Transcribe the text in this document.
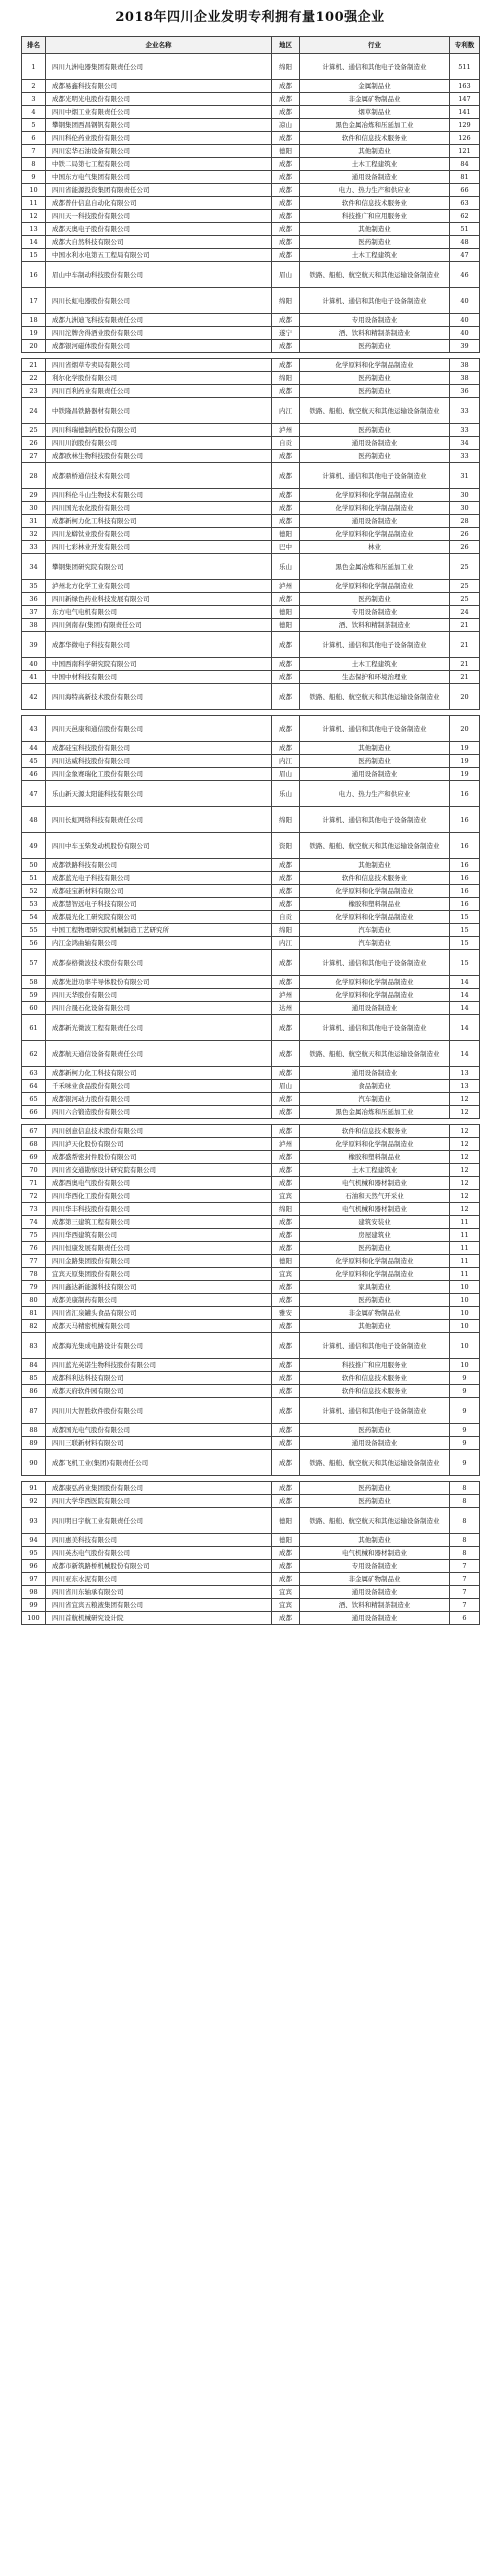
2018年四川企业发明专利拥有量100强企业
排名	企业名称	地区	行业	专利数
1	四川九洲电器集团有限责任公司	绵阳	计算机、通信和其他电子设备制造业	511
2	成都易鑫科技有限公司	成都	金属制品业	163
3	成都光明光电股份有限公司	成都	非金属矿物制品业	147
4	四川中烟工业有限责任公司	成都	烟草制品业	141
5	攀钢集团西昌钢钒有限公司	凉山	黑色金属冶炼和压延加工业	129
6	四川科伦药业股份有限公司	成都	软件和信息技术服务业	126
7	四川宏华石油设备有限公司	德阳	其他制造业	121
8	中铁二局第七工程有限公司	成都	土木工程建筑业	84
9	中国东方电气集团有限公司	成都	通用设备制造业	81
10	四川省能源投资集团有限责任公司	成都	电力、热力生产和供应业	66
11	成都普什信息自动化有限公司	成都	软件和信息技术服务业	63
12	四川天一科技股份有限公司	成都	科技推广和应用服务业	62
13	成都天奥电子股份有限公司	成都	其他制造业	51
14	成都大自然科技有限公司	成都	医药制造业	48
15	中国水利水电第五工程局有限公司	成都	土木工程建筑业	47
16	眉山中车制动科技股份有限公司	眉山	铁路、船舶、航空航天和其他运输设备制造业	46
17	四川长虹电器股份有限公司	绵阳	计算机、通信和其他电子设备制造业	40
18	成都九洲迪飞科技有限责任公司	成都	专用设备制造业	40
19	四川沱牌舍得酒业股份有限公司	遂宁	酒、饮料和精制茶制造业	40
20	成都银河磁体股份有限公司	成都	医药制造业	39

21	四川省烟草专卖局有限公司	成都	化学原料和化学制品制造业	38
22	利尔化学股份有限公司	绵阳	医药制造业	38
23	四川百利药业有限责任公司	成都	医药制造业	36
24	中铁隆昌铁路器材有限公司	内江	铁路、船舶、航空航天和其他运输设备制造业	33
25	四川科瑞德制药股份有限公司	泸州	医药制造业	33
26	四川川润股份有限公司	自贡	通用设备制造业	34
27	成都欧林生物科技股份有限公司	成都	医药制造业	33
28	成都鼎桥通信技术有限公司	成都	计算机、通信和其他电子设备制造业	31
29	四川科伦斗山生物技术有限公司	成都	化学原料和化学制品制造业	30
30	四川国光农化股份有限公司	成都	化学原料和化学制品制造业	30
31	成都新柯力化工科技有限公司	成都	通用设备制造业	28
32	四川龙蟒钛业股份有限公司	德阳	化学原料和化学制品制造业	26
33	四川七彩林业开发有限公司	巴中	林业	26
34	攀钢集团研究院有限公司	乐山	黑色金属冶炼和压延加工业	25
35	泸州北方化学工业有限公司	泸州	化学原料和化学制品制造业	25
36	四川新绿色药业科技发展有限公司	成都	医药制造业	25
37	东方电气电机有限公司	德阳	专用设备制造业	24
38	四川剑南春(集团)有限责任公司	德阳	酒、饮料和精制茶制造业	21
39	成都华微电子科技有限公司	成都	计算机、通信和其他电子设备制造业	21
40	中国西南科学研究院有限公司	成都	土木工程建筑业	21
41	中国中材科技有限公司	成都	生态保护和环境治理业	21
42	四川海特高新技术股份有限公司	成都	铁路、船舶、航空航天和其他运输设备制造业	20

43	四川天邑康和通信股份有限公司	成都	计算机、通信和其他电子设备制造业	20
44	成都硅宝科技股份有限公司	成都	其他制造业	19
45	四川达威科技股份有限公司	内江	医药制造业	19
46	四川金象赛瑞化工股份有限公司	眉山	通用设备制造业	19
47	乐山新天源太阳能科技有限公司	乐山	电力、热力生产和供应业	16
48	四川长虹网络科技有限责任公司	绵阳	计算机、通信和其他电子设备制造业	16
49	四川中车玉柴发动机股份有限公司	资阳	铁路、船舶、航空航天和其他运输设备制造业	16
50	成都铁路科技有限公司	成都	其他制造业	16
51	成都蓝光电子科技有限公司	成都	软件和信息技术服务业	16
52	成都硅宝新材料有限公司	成都	化学原料和化学制品制造业	16
53	成都慧智远电子科技有限公司	成都	橡胶和塑料制品业	16
54	成都晨光化工研究院有限公司	自贡	化学原料和化学制品制造业	15
55	中国工程物理研究院机械制造工艺研究所	绵阳	汽车制造业	15
56	内江金鸿曲轴有限公司	内江	汽车制造业	15
57	成都泰格微波技术股份有限公司	成都	计算机、通信和其他电子设备制造业	15
58	成都先进功率半导体股份有限公司	成都	化学原料和化学制品制造业	14
59	四川天华股份有限公司	泸州	化学原料和化学制品制造业	14
60	四川合晟石化设备有限公司	达州	通用设备制造业	14
61	成都新光微波工程有限责任公司	成都	计算机、通信和其他电子设备制造业	14
62	成都航天通信设备有限责任公司	成都	铁路、船舶、航空航天和其他运输设备制造业	14
63	成都新柯力化工科技有限公司	成都	通用设备制造业	13
64	千禾味业食品股份有限公司	眉山	食品制造业	13
65	成都银河动力股份有限公司	成都	汽车制造业	12
66	四川六合锻造股份有限公司	成都	黑色金属冶炼和压延加工业	12

67	四川创意信息技术股份有限公司	成都	软件和信息技术服务业	12
68	四川泸天化股份有限公司	泸州	化学原料和化学制品制造业	12
69	成都盛帮密封件股份有限公司	成都	橡胶和塑料制品业	12
70	四川省交通勘察设计研究院有限公司	成都	土木工程建筑业	12
71	成都西奥电气股份有限公司	成都	电气机械和器材制造业	12
72	四川华西化工股份有限公司	宜宾	石油和天然气开采业	12
73	四川华丰科技股份有限公司	绵阳	电气机械和器材制造业	12
74	成都第三建筑工程有限公司	成都	建筑安装业	11
75	四川华西建筑有限公司	成都	房屋建筑业	11
76	四川恒康发展有限责任公司	成都	医药制造业	11
77	四川金路集团股份有限公司	德阳	化学原料和化学制品制造业	11
78	宜宾天原集团股份有限公司	宜宾	化学原料和化学制品制造业	11
79	四川鑫达新能源科技有限公司	成都	家具制造业	10
80	成都美康制药有限公司	成都	医药制造业	10
81	四川省汇泉罐头食品有限公司	雅安	非金属矿物制品业	10
82	成都天马精密机械有限公司	成都	其他制造业	10
83	成都海光集成电路设计有限公司	成都	计算机、通信和其他电子设备制造业	10
84	四川蓝光英诺生物科技股份有限公司	成都	科技推广和应用服务业	10
85	成都科利达科技有限公司	成都	软件和信息技术服务业	9
86	成都天府软件园有限公司	成都	软件和信息技术服务业	9
87	四川川大智胜软件股份有限公司	成都	计算机、通信和其他电子设备制造业	9
88	成都国光电气股份有限公司	成都	医药制造业	9
89	四川三联新材料有限公司	成都	通用设备制造业	9
90	成都飞机工业(集团)有限责任公司	成都	铁路、船舶、航空航天和其他运输设备制造业	9

91	成都康弘药业集团股份有限公司	成都	医药制造业	8
92	四川大学华西医院有限公司	成都	医药制造业	8
93	四川明日宇航工业有限责任公司	德阳	铁路、船舶、航空航天和其他运输设备制造业	8
94	四川惠美科技有限公司	德阳	其他制造业	8
95	四川英杰电气股份有限公司	成都	电气机械和器材制造业	8
96	成都市新筑路桥机械股份有限公司	成都	专用设备制造业	7
97	四川亚东水泥有限公司	成都	非金属矿物制品业	7
98	四川省川东轴承有限公司	宜宾	通用设备制造业	7
99	四川省宜宾五粮液集团有限公司	宜宾	酒、饮料和精制茶制造业	7
100	四川首航机械研究设计院	成都	通用设备制造业	6
